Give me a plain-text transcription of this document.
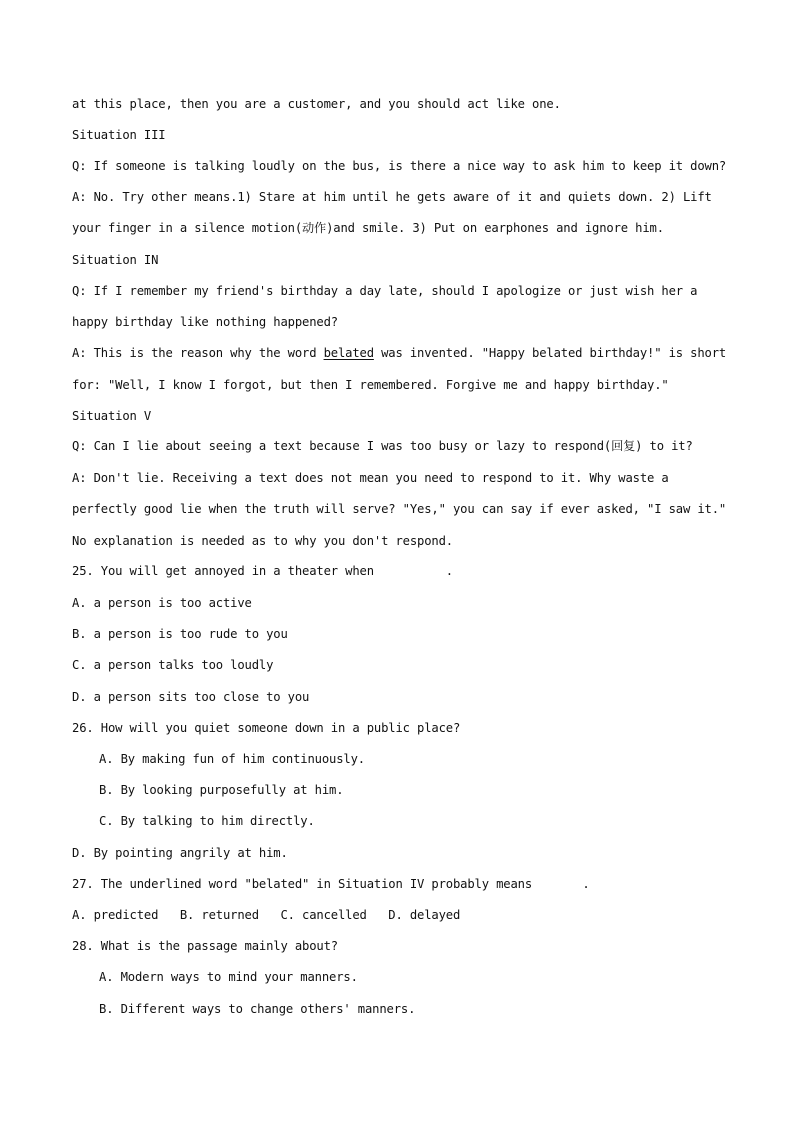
at this place, then you are a customer, and you should act like one.
Situation III
Q: If someone is talking loudly on the bus, is there a nice way to ask him to keep it down?
A: No. Try other means.1) Stare at him until he gets aware of it and quiets down. 2) Lift
your finger in a silence motion(动作)and smile. 3) Put on earphones and ignore him.
Situation IN
Q: If I remember my friend's birthday a day late, should I apologize or just wish her a
happy birthday like nothing happened?
A: This is the reason why the word belated was invented. "Happy belated birthday!" is short
for: "Well, I know I forgot, but then I remembered. Forgive me and happy birthday."
Situation V
Q: Can I lie about seeing a text because I was too busy or lazy to respond(回复) to it?
A: Don't lie. Receiving a text does not mean you need to respond to it. Why waste a
perfectly good lie when the truth will serve? "Yes," you can say if ever asked, "I saw it."
No explanation is needed as to why you don't respond.
25. You will get annoyed in a theater when          .
A. a person is too active
B. a person is too rude to you
C. a person talks too loudly
D. a person sits too close to you
26. How will you quiet someone down in a public place?
A. By making fun of him continuously.
B. By looking purposefully at him.
C. By talking to him directly.
D. By pointing angrily at him.
27. The underlined word "belated" in Situation IV probably means       .
A. predicted   B. returned   C. cancelled   D. delayed
28. What is the passage mainly about?
A. Modern ways to mind your manners.
B. Different ways to change others' manners.
